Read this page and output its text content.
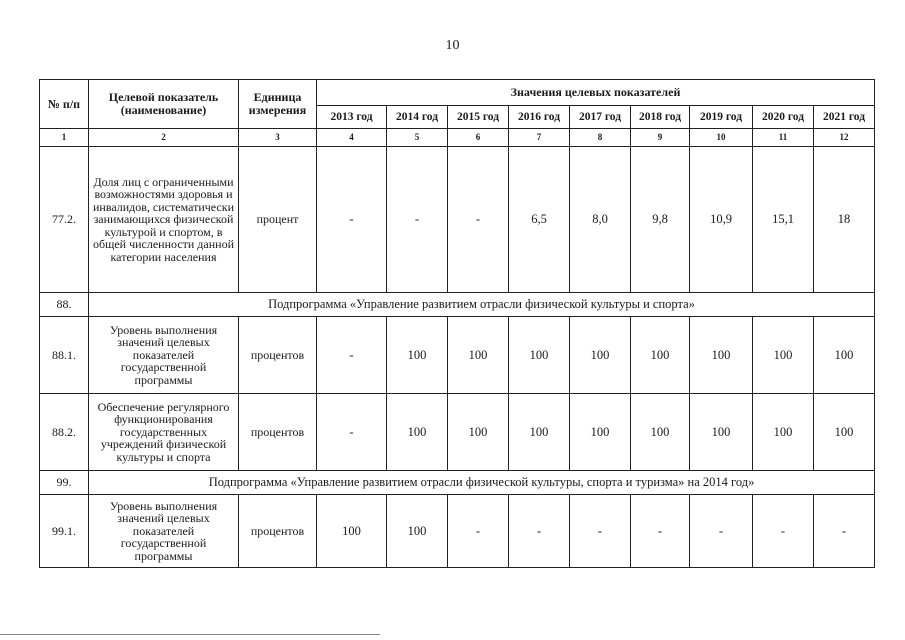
10
№ п/п	Целевой показатель (наименование)	Единица измерения	Значения целевых показателей								
			2013 год	2014 год	2015 год	2016 год	2017 год	2018 год	2019 год	2020 год	2021 год
1	2	3	4	5	6	7	8	9	10	11	12
77.2.	Доля лиц с ограниченными возможностями здоровья и инвалидов, систематически занимающихся физической культурой и спортом, в общей численности данной категории населения	процент	-	-	-	6,5	8,0	9,8	10,9	15,1	18
88.	Подпрограмма «Управление развитием отрасли физической культуры и спорта»										
88.1.	Уровень выполнения значений целевых показателей государственной программы	процентов	-	100	100	100	100	100	100	100	100
88.2.	Обеспечение регулярного функционирования государственных учреждений физической культуры и спорта	процентов	-	100	100	100	100	100	100	100	100
99.	Подпрограмма «Управление развитием отрасли физической культуры, спорта и туризма» на 2014 год»										
99.1.	Уровень выполнения значений целевых показателей государственной программы	процентов	100	100	-	-	-	-	-	-	-
